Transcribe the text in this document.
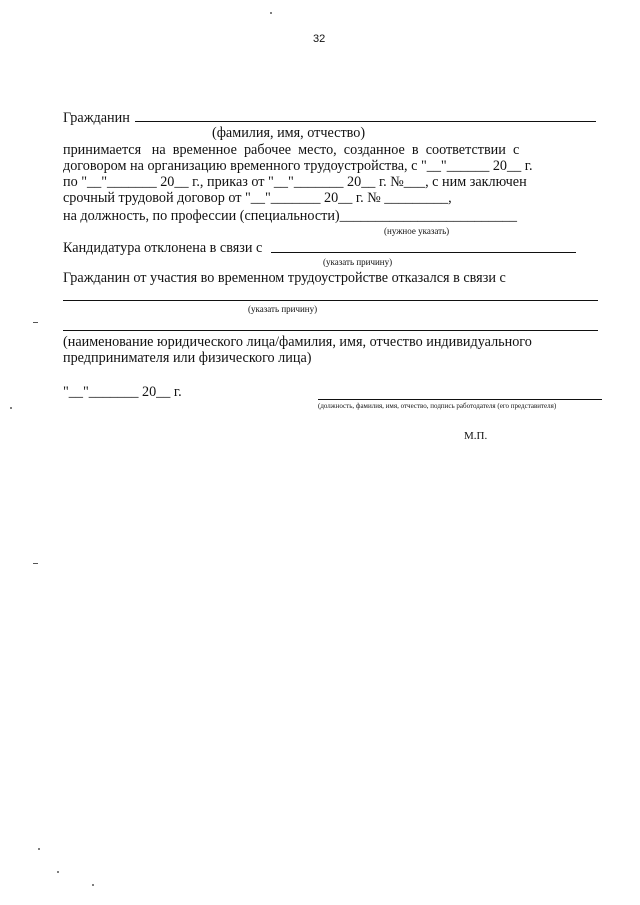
32
Гражданин
(фамилия, имя, отчество)
принимается   на  временное  рабочее  место,  созданное  в  соответствии  с
договором на организацию временного трудоустройства, с "__"______ 20__ г.
по "__"_______ 20__ г., приказ от "__"_______ 20__ г. №___, с ним заключен
срочный трудовой договор от "__"_______ 20__ г. № _________,
на должность, по профессии (специальности)_________________________
(нужное указать)
Кандидатура отклонена в связи с
(указать причину)
Гражданин от участия во временном трудоустройстве отказался в связи с
(указать причину)
(наименование юридического лица/фамилия, имя, отчество индивидуального
предпринимателя или физического лица)
"__"_______ 20__ г.
(должность, фамилия, имя, отчество, подпись работодателя (его представителя)
М.П.
